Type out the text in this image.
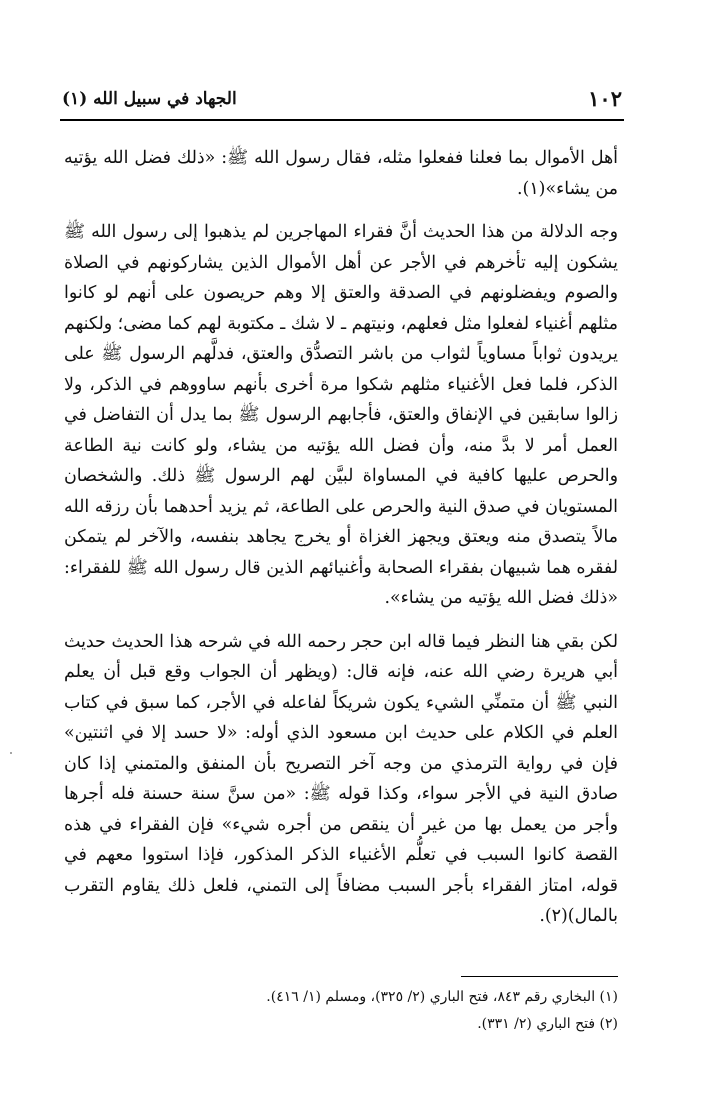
١٠٢
الجهاد في سبيل الله (١)

أهل الأموال بما فعلنا ففعلوا مثله، فقال رسول الله ﷺ: «ذلك فضل الله يؤتيه من يشاء»(١).

وجه الدلالة من هذا الحديث أنَّ فقراء المهاجرين لم يذهبوا إلى رسول الله ﷺ يشكون إليه تأخرهم في الأجر عن أهل الأموال الذين يشاركونهم في الصلاة والصوم ويفضلونهم في الصدقة والعتق إلا وهم حريصون على أنهم لو كانوا مثلهم أغنياء لفعلوا مثل فعلهم، ونيتهم ـ لا شك ـ مكتوبة لهم كما مضى؛ ولكنهم يريدون ثواباً مساوياً لثواب من باشر التصدُّق والعتق، فدلَّهم الرسول ﷺ على الذكر، فلما فعل الأغنياء مثلهم شكوا مرة أخرى بأنهم ساووهم في الذكر، ولا زالوا سابقين في الإنفاق والعتق، فأجابهم الرسول ﷺ بما يدل أن التفاضل في العمل أمر لا بدَّ منه، وأن فضل الله يؤتيه من يشاء، ولو كانت نية الطاعة والحرص عليها كافية في المساواة لبيَّن لهم الرسول ﷺ ذلك. والشخصان المستويان في صدق النية والحرص على الطاعة، ثم يزيد أحدهما بأن رزقه الله مالاً يتصدق منه ويعتق ويجهز الغزاة أو يخرج يجاهد بنفسه، والآخر لم يتمكن لفقره هما شبيهان بفقراء الصحابة وأغنيائهم الذين قال رسول الله ﷺ للفقراء: «ذلك فضل الله يؤتيه من يشاء».

لكن بقي هنا النظر فيما قاله ابن حجر رحمه الله في شرحه هذا الحديث حديث أبي هريرة رضي الله عنه، فإنه قال: (ويظهر أن الجواب وقع قبل أن يعلم النبي ﷺ أن متمنِّي الشيء يكون شريكاً لفاعله في الأجر، كما سبق في كتاب العلم في الكلام على حديث ابن مسعود الذي أوله: «لا حسد إلا في اثنتين» فإن في رواية الترمذي من وجه آخر التصريح بأن المنفق والمتمني إذا كان صادق النية في الأجر سواء، وكذا قوله ﷺ: «من سنَّ سنة حسنة فله أجرها وأجر من يعمل بها من غير أن ينقص من أجره شيء» فإن الفقراء في هذه القصة كانوا السبب في تعلُّم الأغنياء الذكر المذكور، فإذا استووا معهم في قوله، امتاز الفقراء بأجر السبب مضافاً إلى التمني، فلعل ذلك يقاوم التقرب بالمال)(٢).

(١) البخاري رقم ٨٤٣، فتح الباري (٢/ ٣٢٥)، ومسلم (١/ ٤١٦).
(٢) فتح الباري (٢/ ٣٣١).
